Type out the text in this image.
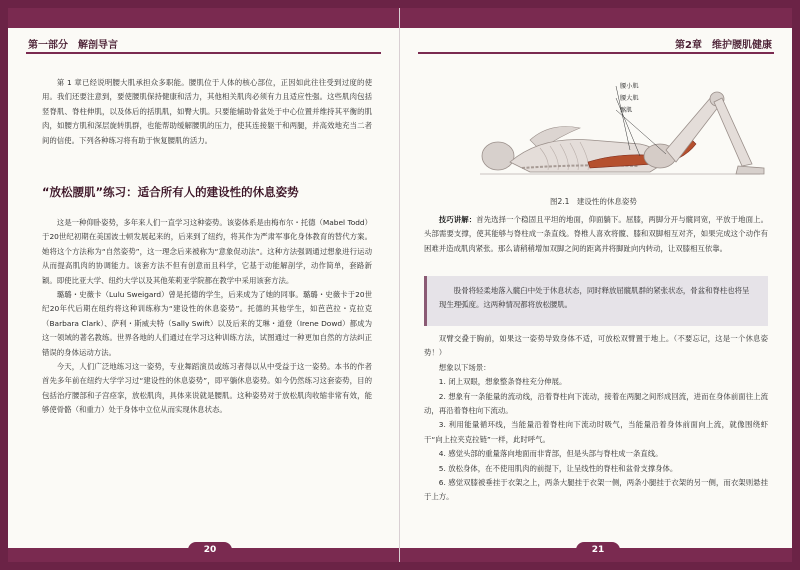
第一部分　解剖导言

第 1 章已经说明腰大肌承担众多职能。腰肌位于人体的核心部位，正因如此往往受到过度的使用。我们还要注意到，要使腰肌保持健康和活力，其他相关肌肉必须有力且适应性强。这些肌肉包括竖脊肌、脊柱伸肌，以及体后的括肌肌，如臀大肌。只要能辅助骨盆处于中心位置并维持其平衡的肌肉，如腰方肌和深层旋转肌群，也能帮助缓解腰肌的压力，使其连接躯干和两腿，并高效地充当二者间的信使。下列各种练习将有助于恢复腰肌的活力。

“放松腰肌”练习：适合所有人的建设性的休息姿势

这是一种仰卧姿势，多年来人们一直学习这种姿势。该姿体系是由梅布尔・托德（Mabel Todd）于20世纪初期在美国波士顿发展起来的，后来到了纽约，将其作为严肃军事化身体教育的替代方案。她将这个方法称为“自然姿势”，这一理念后来被称为“意象促动法”。这种方法强调通过想象进行运动从而提高肌肉的协调能力。该套方法不但有创意而且科学，它基于动能解剖学，动作简单，套路新颖。即使比亚大学、纽约大学以及其他茱莉亚学院都在教学中采用该套方法。

璐璐・史薇卡（Lulu Sweigard）曾是托德的学生，后来成为了她的同事。璐璐・史薇卡于20世纪20年代后期在纽约将这种训练称为“建设性的休息姿势”。托德的其他学生，如芭芭拉・克拉克（Barbara Clark）、萨利・斯威夫特（Sally Swift）以及后来的艾琳・道登（Irene Dowd）都成为这一领域的著名教练。世界各地的人们通过在学习这种训练方法，试图通过一种更加自然的方法纠正错误的身体运动方法。

今天，人们广泛地练习这一姿势，专业舞蹈演员或练习者得以从中受益于这一姿势。本书的作者首先多年前在纽约大学学习过“建设性的休息姿势”，即平躺休息姿势。如今仍然练习这套姿势，目的包括治疗腰部和子宫痉挛，放松肌肉，具体来说就是腰肌。这种姿势对于放松肌肉收缩非常有效，能够使骨骼（和重力）处于身体中立位从而实现休息状态。

20
第2章　维护腰肌健康
腰小肌
腰大肌
髂肌
图2.1　建设性的休息姿势

技巧讲解：首先选择一个稳固且平坦的地面，仰面躺下。屈膝，两脚分开与髋同宽，平放于地面上。头部需要支撑，使其能够与脊柱成一条直线。脊椎人喜欢将髋、膝和双脚相互对齐，如果完成这个动作有困难并造成肌肉紧张。那么请稍稍增加双脚之间的距离并将脚趾向内转动，让双膝相互依靠。

股骨将轻柔地落入髋臼中处于休息状态，同时释放屈髋肌群的紧张状态，骨盆和脊柱也将呈现生理弧度。这两种情况都将放松腰肌。

双臂交叠于胸前，如果这一姿势导致身体不适，可放松双臂置于地上。（不要忘记，这是一个休息姿势！）

想象以下场景：

1. 闭上双眼，想象整条脊柱充分伸展。

2. 想象有一条能量的流动线，沿着脊柱向下流动，接着在两腿之间形成回流，进而在身体前面往上流动，再沿着脊柱向下流动。

3. 利用能量循环线，当能量沿着脊柱向下流动时吸气，当能量沿着身体前面向上流，就像围绕虾干“向上拉夹克拉链”一样，此时呼气。

4. 感觉头部的重量落向地面而非背部，但是头部与脊柱成一条直线。

5. 放松身体，在不使用肌肉的前提下，让呈线性的脊柱和盆骨支撑身体。

6. 感觉双膝被垂挂于衣架之上，两条大腿挂于衣架一侧，两条小腿挂于衣架的另一侧，而衣架则悬挂于上方。

21
